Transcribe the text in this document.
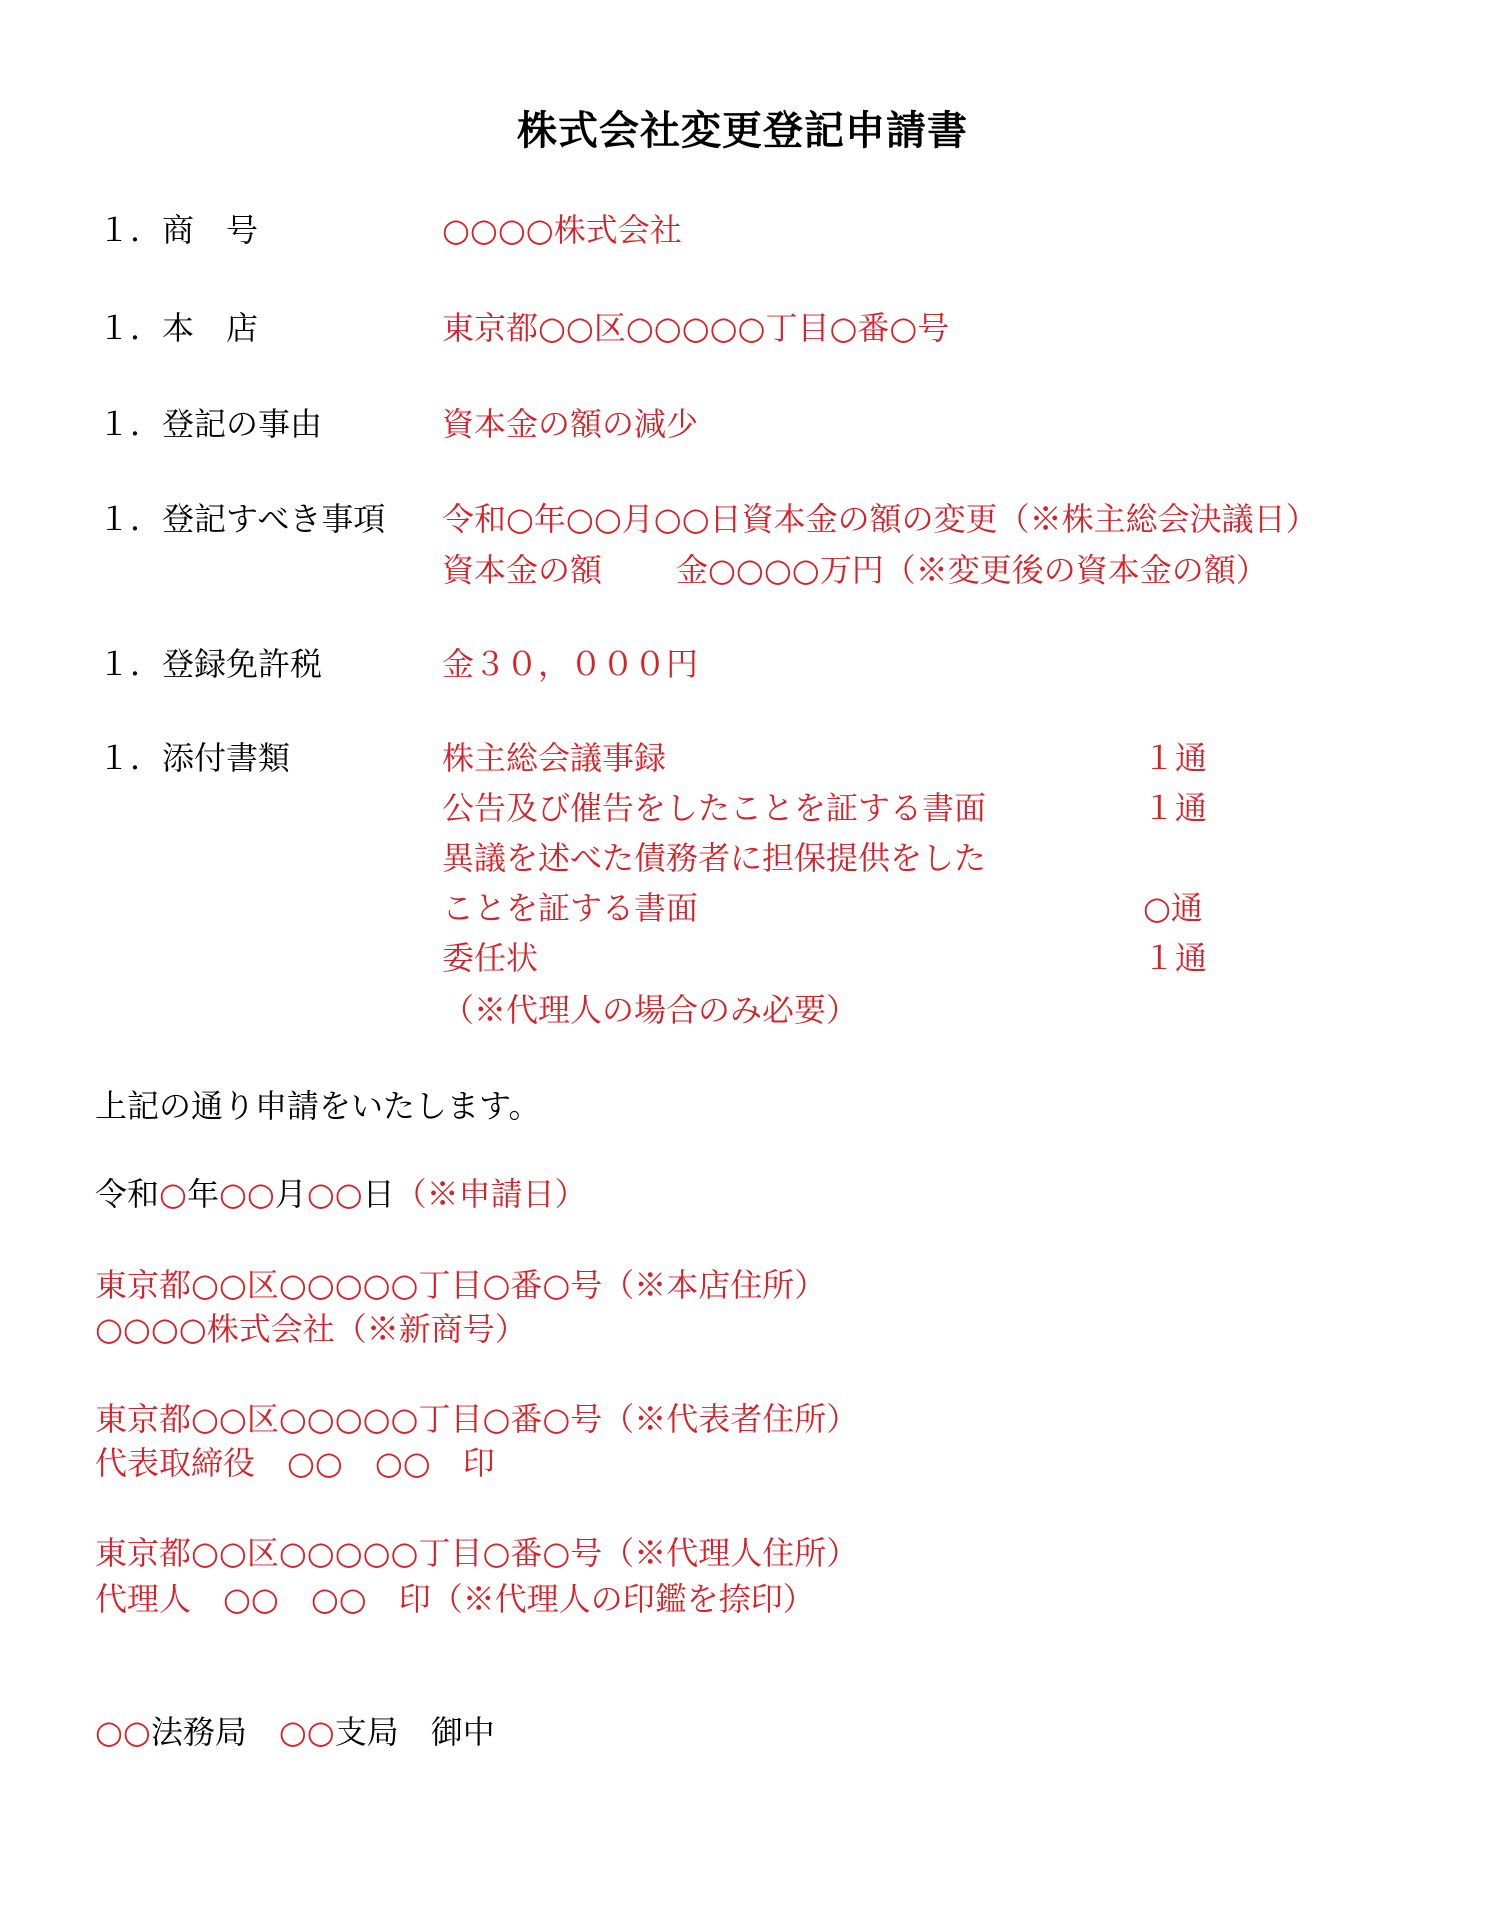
株式会社変更登記申請書
１．商　号	○○○○株式会社
１．本　店	東京都○○区○○○○○丁目○番○号
１．登記の事由	資本金の額の減少
１．登記すべき事項 令和○年○○月○○日資本金の額の変更（※株主総会決議日）
資本金の額 金○○○○万円（※変更後の資本金の額）
１．登録免許税	金３０，０００円
１．添付書類	株主総会議事録	１通
公告及び催告をしたことを証する書面	１通
異議を述べた債務者に担保提供をした
ことを証する書面	○通
委任状	１通
（※代理人の場合のみ必要）
上記の通り申請をいたします。
令和○年○○月○○日（※申請日）
東京都○○区○○○○○丁目○番○号（※本店住所）
○○○○株式会社（※新商号）
東京都○○区○○○○○丁目○番○号（※代表者住所）
代表取締役　○○　○○　印
東京都○○区○○○○○丁目○番○号（※代理人住所）
代理人　○○　○○　印（※代理人の印鑑を捺印）
○○法務局 ○○支局 御中
